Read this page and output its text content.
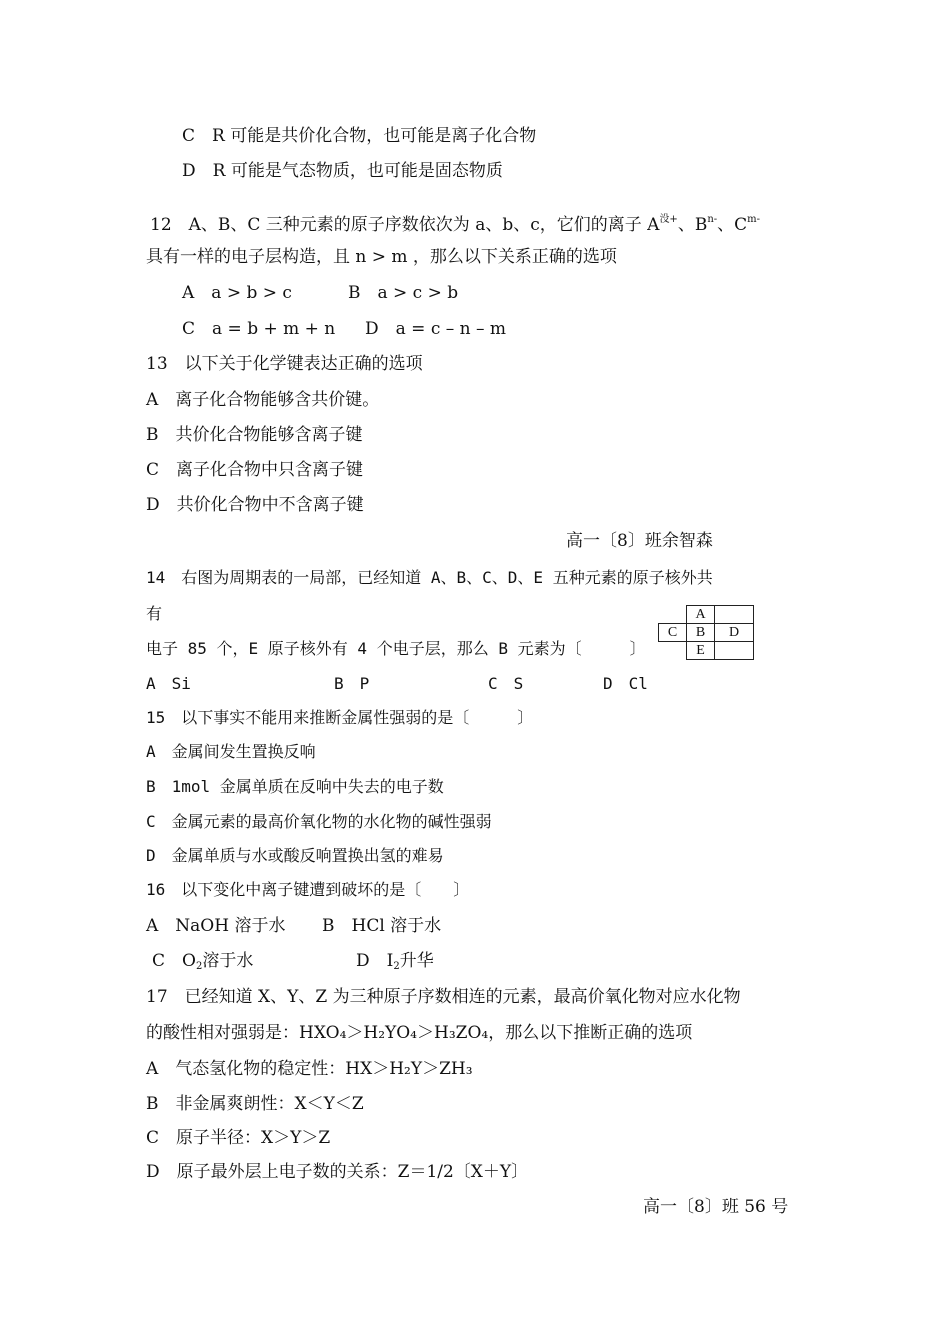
C　R 可能是共价化合物，也可能是离子化合物
D　R 可能是气态物质，也可能是固态物质
12　A、B、C 三种元素的原子序数依次为 a、b、c，它们的离子 $A^{没+}$、$B^{n-}$、$C^{m-}$
具有一样的电子层构造，且 n > m ，那么以下关系正确的选项
A　a > b > c	B　a > c > b
C　a = b + m + n D　a = c – n – m
13　以下关于化学键表达正确的选项
A　离子化合物能够含共价键。
B　共价化合物能够含离子键
C　离子化合物中只含离子键
D　共价化合物中不含离子键
高一〔8〕班余智森
14　右图为周期表的一局部，已经知道 A、B、C、D、E 五种元素的原子核外共
有
电子 85 个，E 原子核外有 4 个电子层，那么 B 元素为〔　　　〕
	A	
C	B	D
	E	
A　Si	B　P	C　S	D　Cl
15　以下事实不能用来推断金属性强弱的是〔　　　〕
A　金属间发生置换反响
B　1mol 金属单质在反响中失去的电子数
C　金属元素的最高价氧化物的水化物的碱性强弱
D　金属单质与水或酸反响置换出氢的难易
16　以下变化中离子键遭到破坏的是〔　　〕
A　NaOH 溶于水 B　HCl 溶于水
C　$O_2$溶于水	D　$I_2$升华
17　已经知道 X、Y、Z 为三种原子序数相连的元素，最高价氧化物对应水化物
的酸性相对强弱是：HXO₄＞H₂YO₄＞H₃ZO₄，那么以下推断正确的选项
A　气态氢化物的稳定性：HX＞H₂Y＞ZH₃
B　非金属爽朗性：X＜Y＜Z
C　原子半径：X＞Y＞Z
D　原子最外层上电子数的关系：Z＝1/2〔X＋Y〕
高一〔8〕班 56 号
